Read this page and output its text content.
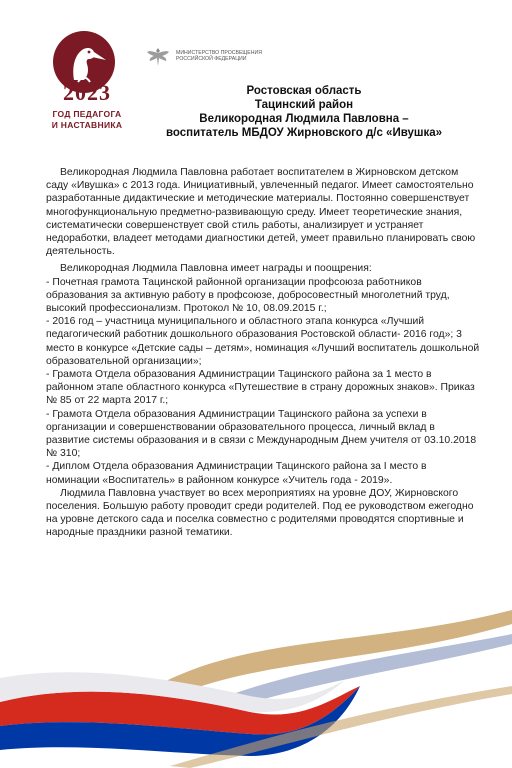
2023
ГОД ПЕДАГОГА
И НАСТАВНИКА
МИНИСТЕРСТВО ПРОСВЕЩЕНИЯ
РОССИЙСКОЙ ФЕДЕРАЦИИ
Ростовская область
Тацинский район
Великородная Людмила Павловна –
воспитатель МБДОУ Жирновского д/с «Ивушка»

Великородная Людмила Павловна работает воспитателем в Жирновском детском саду «Ивушка» с 2013 года. Инициативный, увлеченный педагог. Имеет самостоятельно разработанные дидактические и методические материалы. Постоянно совершенствует многофункциональную предметно-развивающую среду. Имеет теоретические знания, систематически совершенствует свой стиль работы, анализирует и устраняет недоработки, владеет методами диагностики детей, умеет правильно планировать свою деятельность.

Великородная Людмила Павловна имеет награды и поощрения:

- Почетная грамота Тацинской районной организации профсоюза работников образования за активную работу в профсоюзе, добросовестный многолетний труд, высокий профессионализм. Протокол № 10, 08.09.2015 г.;

- 2016 год – участница муниципального и областного этапа конкурса «Лучший педагогический работник дошкольного образования Ростовской области- 2016 год»; 3 место в конкурсе «Детские сады – детям», номинация «Лучший воспитатель дошкольной образовательной организации»;

- Грамота Отдела образования Администрации Тацинского района за 1 место в районном этапе областного конкурса «Путешествие в страну дорожных знаков». Приказ № 85 от 22 марта 2017 г.;

- Грамота Отдела образования Администрации Тацинского района за успехи в организации и совершенствовании образовательного процесса, личный вклад в развитие системы образования и в связи с Международным Днем учителя от 03.10.2018 № 310;

- Диплом Отдела образования Администрации Тацинского района за I место в номинации «Воспитатель» в районном конкурсе «Учитель года - 2019».

Людмила Павловна участвует во всех мероприятиях на уровне ДОУ, Жирновского поселения. Большую работу проводит среди родителей. Под ее руководством ежегодно на уровне детского сада и поселка совместно с родителями проводятся спортивные и народные праздники разной тематики.
